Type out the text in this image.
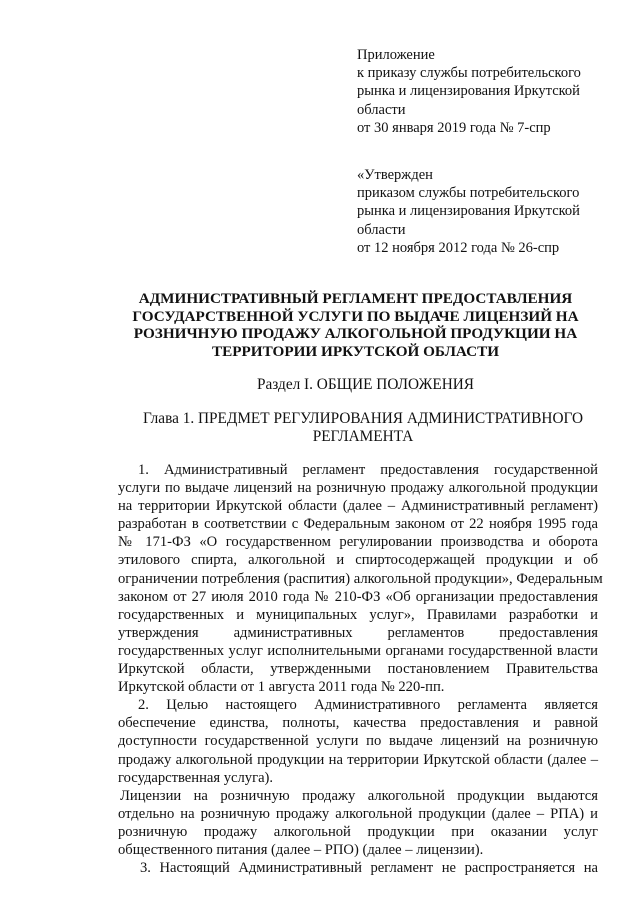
Приложение
к приказу службы потребительского
рынка и лицензирования Иркутской
области
от 30 января 2019 года № 7-спр
«Утвержден
приказом службы потребительского
рынка и лицензирования Иркутской
области
от 12 ноября 2012 года № 26-спр
АДМИНИСТРАТИВНЫЙ РЕГЛАМЕНТ ПРЕДОСТАВЛЕНИЯ
ГОСУДАРСТВЕННОЙ УСЛУГИ ПО ВЫДАЧЕ ЛИЦЕНЗИЙ НА
РОЗНИЧНУЮ ПРОДАЖУ АЛКОГОЛЬНОЙ ПРОДУКЦИИ НА
ТЕРРИТОРИИ ИРКУТСКОЙ ОБЛАСТИ
Раздел I. ОБЩИЕ ПОЛОЖЕНИЯ
Глава 1. ПРЕДМЕТ РЕГУЛИРОВАНИЯ АДМИНИСТРАТИВНОГО
РЕГЛАМЕНТА
1. Административный регламент предоставления государственной
услуги по выдаче лицензий на розничную продажу алкогольной продукции
на территории Иркутской области (далее – Административный регламент)
разработан в соответствии с Федеральным законом от 22 ноября 1995 года
№ 171-ФЗ «О государственном регулировании производства и оборота
этилового спирта, алкогольной и спиртосодержащей продукции и об
ограничении потребления (распития) алкогольной продукции», Федеральным
законом от 27 июля 2010 года № 210-ФЗ «Об организации предоставления
государственных и муниципальных услуг», Правилами разработки и
утверждения административных регламентов предоставления
государственных услуг исполнительными органами государственной власти
Иркутской области, утвержденными постановлением Правительства
Иркутской области от 1 августа 2011 года № 220-пп.
2. Целью настоящего Административного регламента является
обеспечение единства, полноты, качества предоставления и равной
доступности государственной услуги по выдаче лицензий на розничную
продажу алкогольной продукции на территории Иркутской области (далее –
государственная услуга).
Лицензии на розничную продажу алкогольной продукции выдаются
отдельно на розничную продажу алкогольной продукции (далее – РПА) и
розничную продажу алкогольной продукции при оказании услуг
общественного питания (далее – РПО) (далее – лицензии).
3. Настоящий Административный регламент не распространяется на
